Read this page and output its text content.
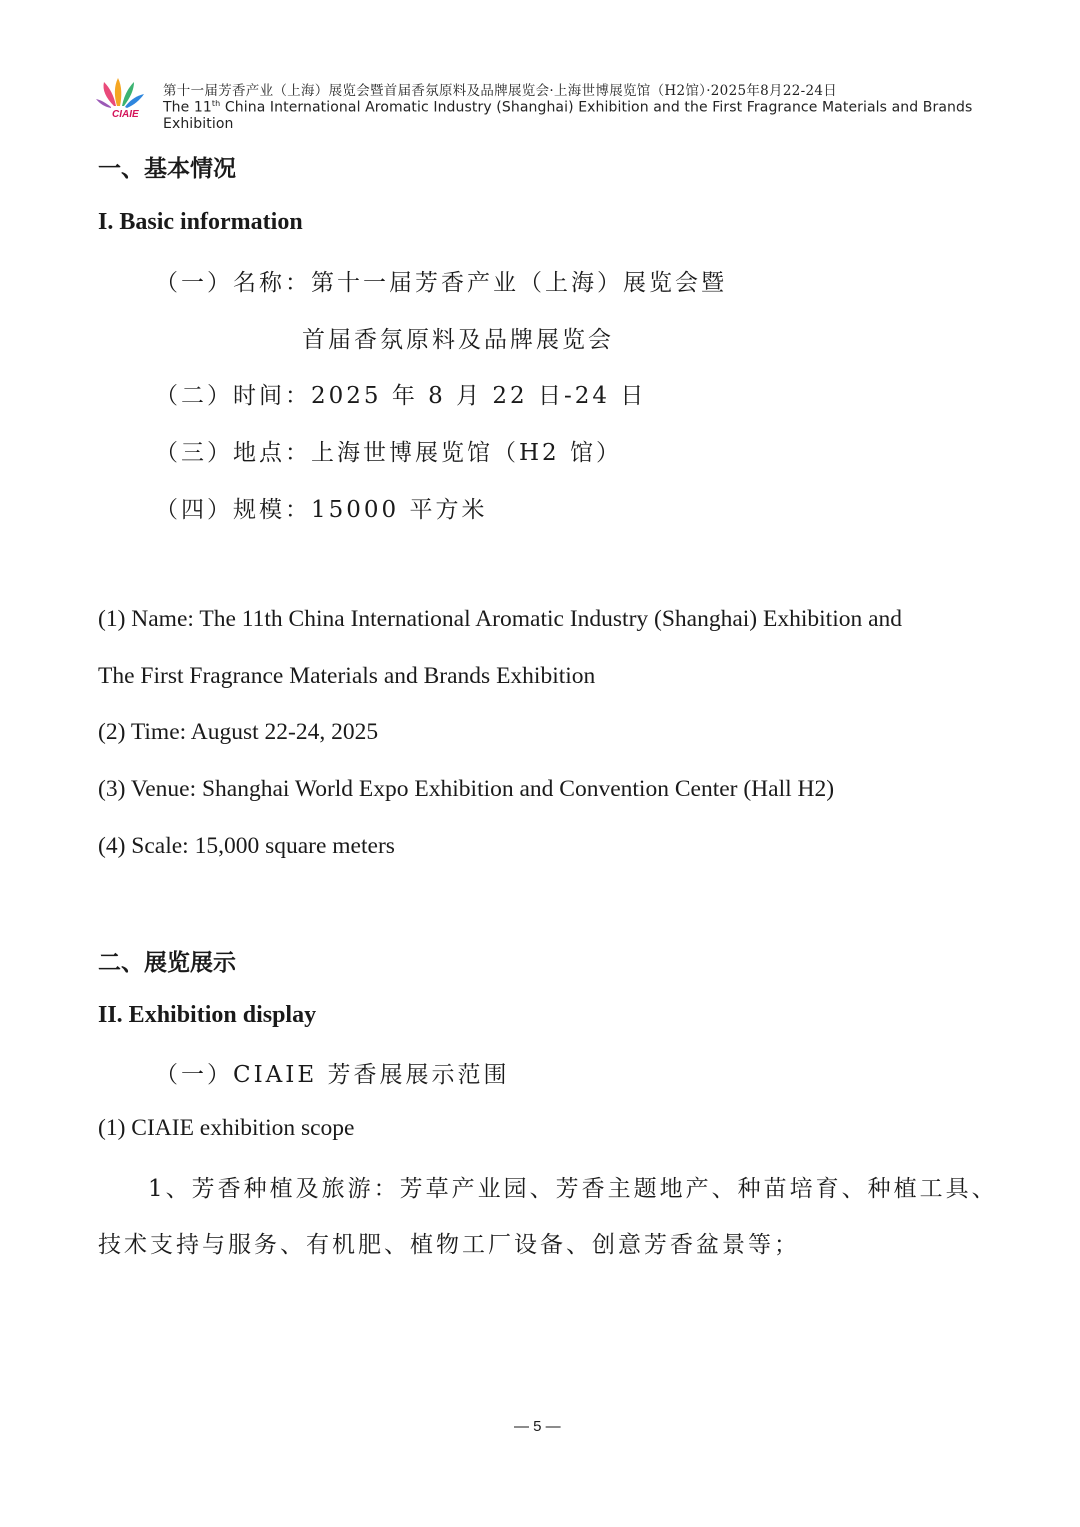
CIAIE
第十一届芳香产业（上海）展览会暨首届香氛原料及品牌展览会·上海世博展览馆（H2馆）·2025年8月22-24日
The 11th China International Aromatic Industry (Shanghai) Exhibition and the First Fragrance Materials and Brands Exhibition
一、基本情况
I. Basic information
（一）名称：第十一届芳香产业（上海）展览会暨
首届香氛原料及品牌展览会
（二）时间：2025 年 8 月 22 日-24 日
（三）地点：上海世博展览馆（H2 馆）
（四）规模：15000 平方米
(1) Name: The 11th China International Aromatic Industry (Shanghai) Exhibition and
The First Fragrance Materials and Brands Exhibition
(2) Time: August 22-24, 2025
(3) Venue: Shanghai World Expo Exhibition and Convention Center (Hall H2)
(4) Scale: 15,000 square meters
二、展览展示
II. Exhibition display
（一）CIAIE 芳香展展示范围
(1) CIAIE exhibition scope
1、芳香种植及旅游：芳草产业园、芳香主题地产、种苗培育、种植工具、
技术支持与服务、有机肥、植物工厂设备、创意芳香盆景等；
— 5 —
